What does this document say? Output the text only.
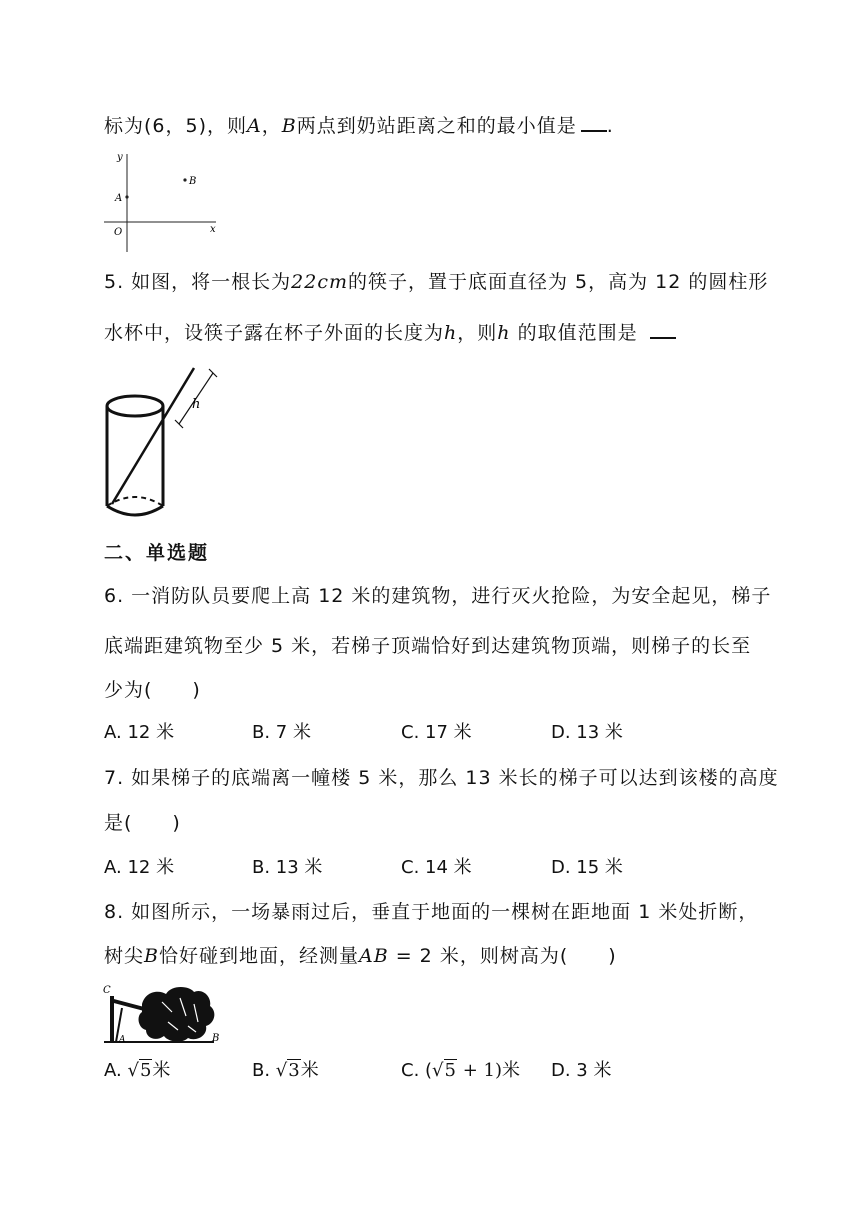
标为(6，5)，则A，B两点到奶站距离之和的最小值是 .
y
x
O
A
B
5. 如图，将一根长为22cm的筷子，置于底面直径为 5，高为 12 的圆柱形
水杯中，设筷子露在杯子外面的长度为h，则h 的取值范围是
h
二、单选题
6. 一消防队员要爬上高 12 米的建筑物，进行灭火抢险，为安全起见，梯子
底端距建筑物至少 5 米，若梯子顶端恰好到达建筑物顶端，则梯子的长至
少为(　　)
A. 12 米	B. 7 米	C. 17 米	D. 13 米
7. 如果梯子的底端离一幢楼 5 米，那么 13 米长的梯子可以达到该楼的高度
是(　　)
A. 12 米	B. 13 米	C. 14 米	D. 15 米
8. 如图所示，一场暴雨过后，垂直于地面的一棵树在距地面 1 米处折断，
树尖B恰好碰到地面，经测量AB = 2 米，则树高为(　　)
C
A	B
A. √5米	B. √3米	C. (√5 + 1)米 D. 3 米
